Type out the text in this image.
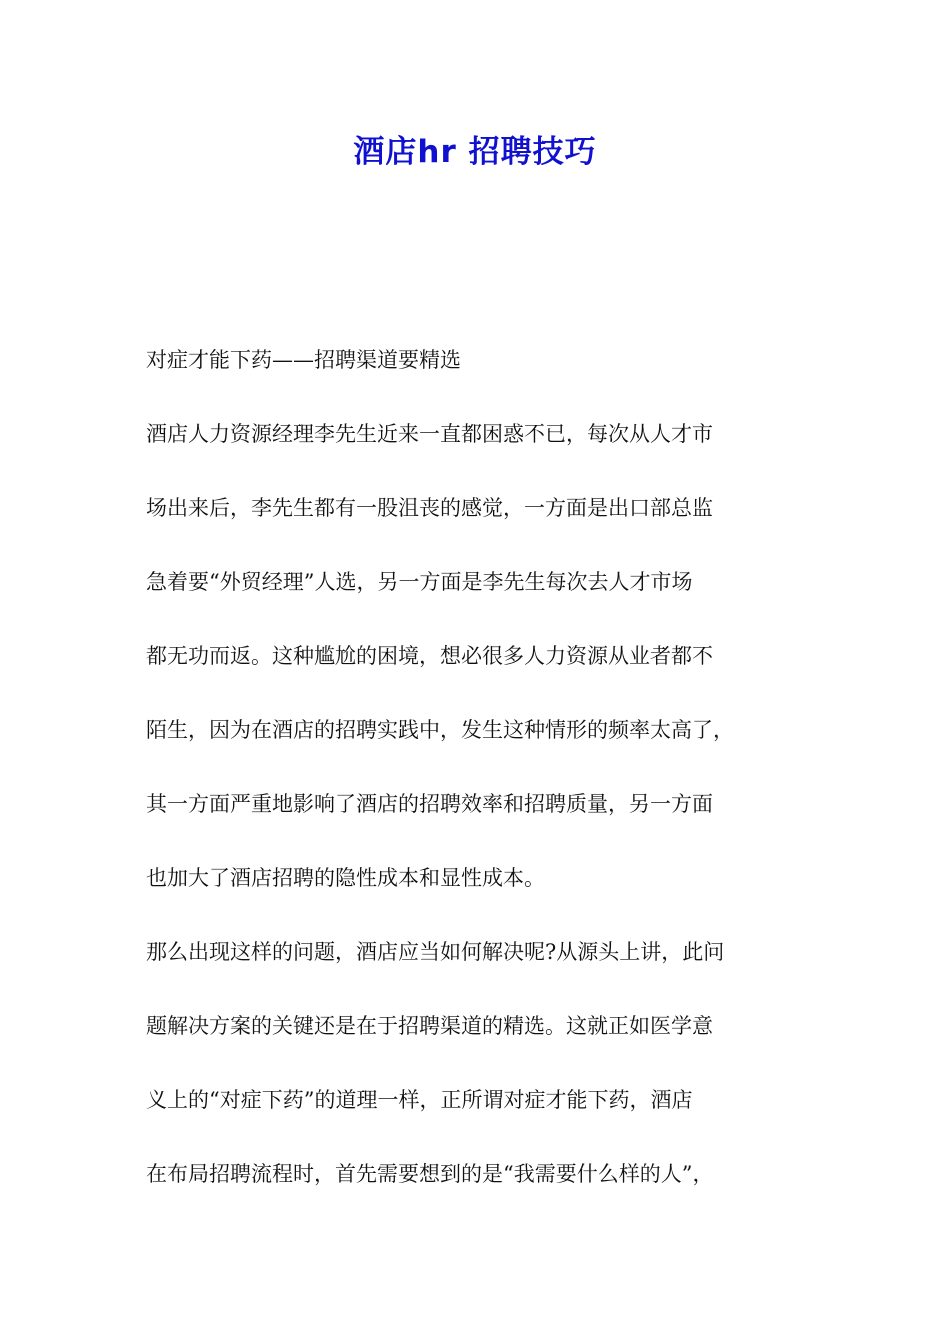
酒店hr 招聘技巧
对症才能下药——招聘渠道要精选
酒店人力资源经理李先生近来一直都困惑不已，每次从人才市
场出来后，李先生都有一股沮丧的感觉，一方面是出口部总监
急着要“外贸经理”人选，另一方面是李先生每次去人才市场
都无功而返。这种尴尬的困境，想必很多人力资源从业者都不
陌生，因为在酒店的招聘实践中，发生这种情形的频率太高了，
其一方面严重地影响了酒店的招聘效率和招聘质量，另一方面
也加大了酒店招聘的隐性成本和显性成本。
那么出现这样的问题，酒店应当如何解决呢?从源头上讲，此问
题解决方案的关键还是在于招聘渠道的精选。这就正如医学意
义上的“对症下药”的道理一样，正所谓对症才能下药，酒店
在布局招聘流程时，首先需要想到的是“我需要什么样的人”，
